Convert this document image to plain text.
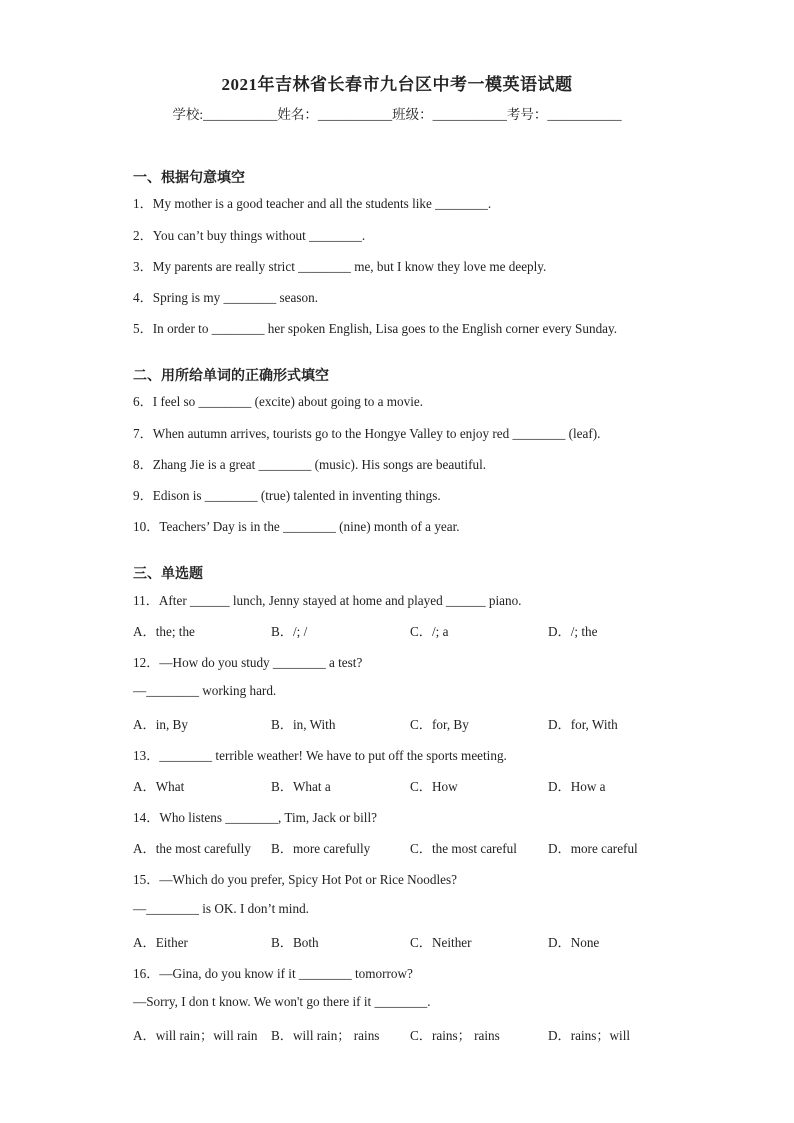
2021年吉林省长春市九台区中考一模英语试题
学校:___________姓名：___________班级：___________考号：___________
一、根据句意填空
1．My mother is a good teacher and all the students like ________.
2．You can’t buy things without ________.
3．My parents are really strict ________ me, but I know they love me deeply.
4．Spring is my ________ season.
5．In order to ________ her spoken English, Lisa goes to the English corner every Sunday.
二、用所给单词的正确形式填空
6．I feel so ________ (excite) about going to a movie.
7．When autumn arrives, tourists go to the Hongye Valley to enjoy red ________ (leaf).
8．Zhang Jie is a great ________ (music). His songs are beautiful.
9．Edison is ________ (true) talented in inventing things.
10．Teachers’ Day is in the ________ (nine) month of a year.
三、单选题
11．After ______ lunch, Jenny stayed at home and played ______ piano.
A．the; the	B．/; /	C．/; a	D．/; the
12．—How do you study ________ a test?
—________ working hard.
A．in, By	B．in, With	C．for, By	D．for, With
13．________ terrible weather! We have to put off the sports meeting.
A．What	B．What a	C．How	D．How a
14．Who listens ________, Tim, Jack or bill?
A．the most carefully B．more carefully	C．the most careful D．more careful
15．—Which do you prefer, Spicy Hot Pot or Rice Noodles?
—________ is OK. I don’t mind.
A．Either	B．Both	C．Neither	D．None
16．—Gina, do you know if it ________ tomorrow?
—Sorry, I don t know. We won't go there if it ________.
A．will rain；will rain B．will rain； rains C．rains； rains	D．rains；will
